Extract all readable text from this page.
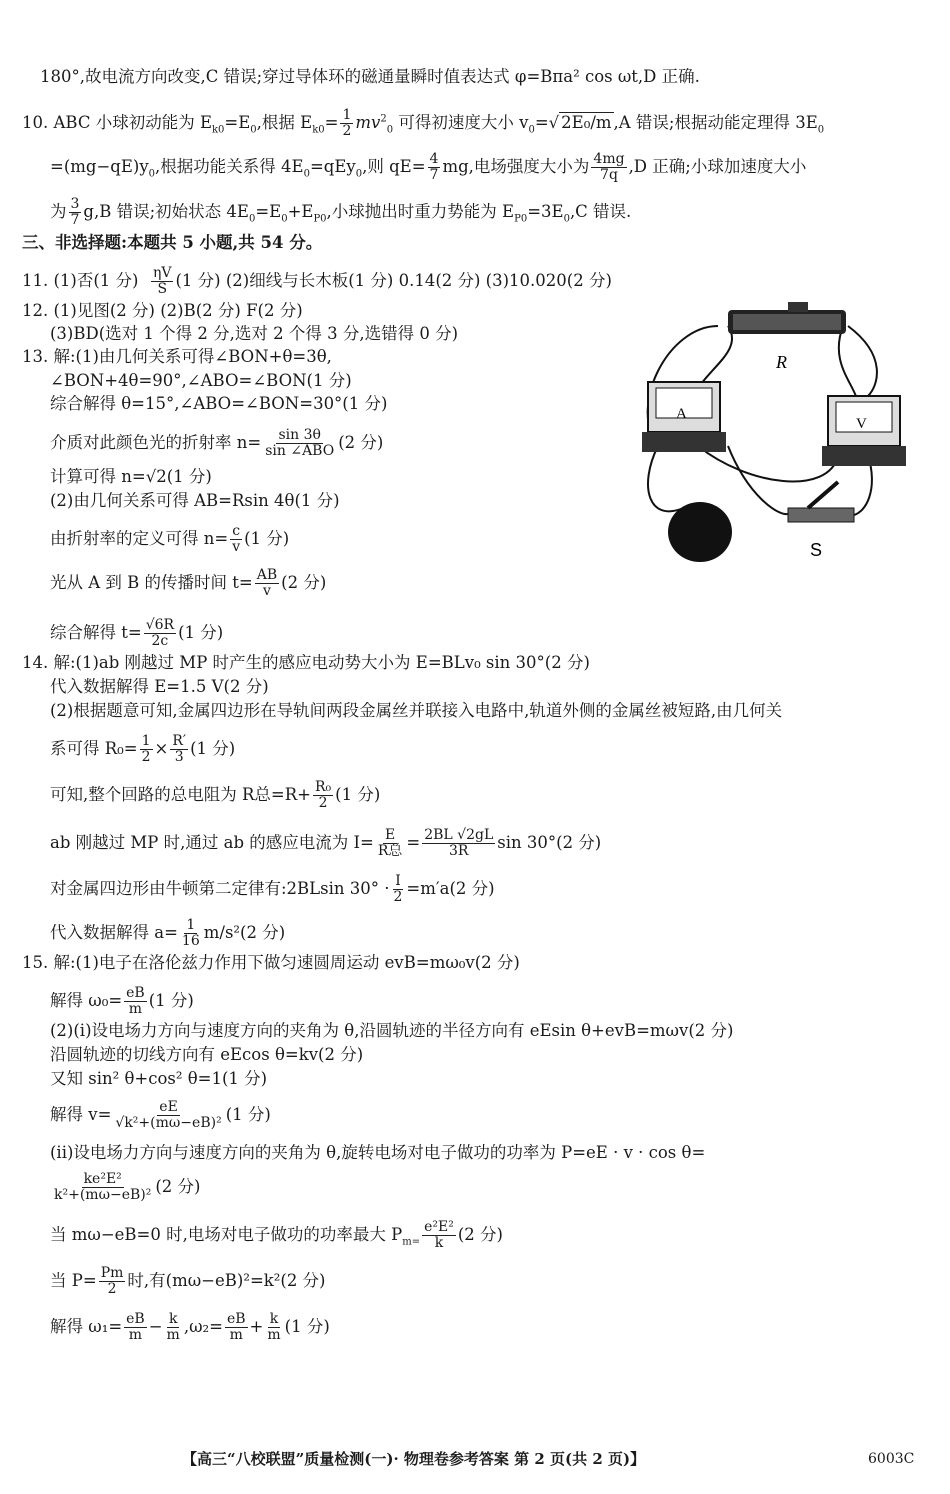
180°,故电流方向改变,C 错误;穿过导体环的磁通量瞬时值表达式 φ=Bπa² cos ωt,D 正确.
10. ABC 小球初动能为 $E_{k0}=E_0$,根据 $E_{k0}= \frac{1}{2} mv^2_0$ 可得初速度大小 $v_0=√$ 2E₀/m ,A 错误;根据动能定理得 $3E_0$
$=(mg-qE)y_0$,根据功能关系得 $4E_0=qEy_0$,则 $qE= \frac{4}{7}$ mg,电场强度大小为 $\frac{4mg}{7q} ,D$ 正确;小球加速度大小
为 $\frac{3}{7} g,B$ 错误;初始状态 $4E_0=E_0+E_{P0}$,小球抛出时重力势能为 $E_{P0}=3E_0,C$ 错误.
三、非选择题:本题共 5 小题,共 54 分。
11. (1)否(1 分) $\frac{\eta V}{S} (1$ 分) (2)细线与长木板(1 分) 0.14(2 分) (3)10.020(2 分)
12. (1)见图(2 分) (2)B(2 分) F(2 分)
(3)BD(选对 1 个得 2 分,选对 2 个得 3 分,选错得 0 分)
13. 解:(1)由几何关系可得∠BON+θ=3θ,
∠BON+4θ=90°,∠ABO=∠BON(1 分)
综合解得 θ=15°,∠ABO=∠BON=30°(1 分)
介质对此颜色光的折射率 $n= \frac{\sin 3\theta}{\text{sin ∠ABO}} (2$ 分)
计算可得 n=√2(1 分)
(2)由几何关系可得 AB=Rsin 4θ(1 分)
由折射率的定义可得 $n= \frac{c}{v} (1$ 分)
光从 A 到 B 的传播时间 $t= \frac{AB}{v} (2$ 分)
综合解得 $t= \frac{√6R}{2c} (1$ 分)
R
A
V
S
14. 解:(1)ab 刚越过 MP 时产生的感应电动势大小为 E=BLv₀ sin 30°(2 分)
代入数据解得 E=1.5 V(2 分)
(2)根据题意可知,金属四边形在导轨间两段金属丝并联接入电路中,轨道外侧的金属丝被短路,由几何关
系可得 $R_0= \frac{1}{2} \times \frac{R'}{3} (1$ 分)
可知,整个回路的总电阻为 R总$=R+ \frac{\text{R₀}}{2} (1$ 分)
ab 刚越过 MP 时,通过 ab 的感应电流为 $I= \frac{E}{\text{R总}} = \frac{2BL √2gL}{3R}$ sin 30°(2 分)
对金属四边形由牛顿第二定律有:2BLsin $30^\circ \cdot \frac{I}{2} =m'a(2$ 分)
代入数据解得 $a= \frac{1}{16} m/s^2(2$ 分)
15. 解:(1)电子在洛伦兹力作用下做匀速圆周运动 evB=mω₀v(2 分)
解得 $\omega_0= \frac{eB}{m} (1$ 分)
(2)(i)设电场力方向与速度方向的夹角为 θ,沿圆轨迹的半径方向有 eEsin θ+evB=mωv(2 分)
沿圆轨迹的切线方向有 eEcos θ=kv(2 分)
又知 sin² θ+cos² θ=1(1 分)
解得 $v= \frac{eE}{\text{√k²+(mω−eB)²}} (1$ 分)
(ii)设电场力方向与速度方向的夹角为 θ,旋转电场对电子做功的功率为 P=eE · v · cos θ=
$\frac{\text{ke²E²}}{\text{k²+(mω−eB)²}} (2$ 分)
当 mω−eB=0 时,电场对电子做功的功率最大 $P_{m=} \frac{\text{e²E²}}{k} (2$ 分)
当 $P= \frac{Pm}{2}$ 时,有(mω−eB)²=k²(2 分)
解得 $\omega_1= \frac{eB}{m} - \frac{k}{m} ,\omega_2= \frac{eB}{m} + \frac{k}{m} (1$ 分)
【高三“八校联盟”质量检测(一)· 物理卷参考答案 第 2 页(共 2 页)】	6003C
